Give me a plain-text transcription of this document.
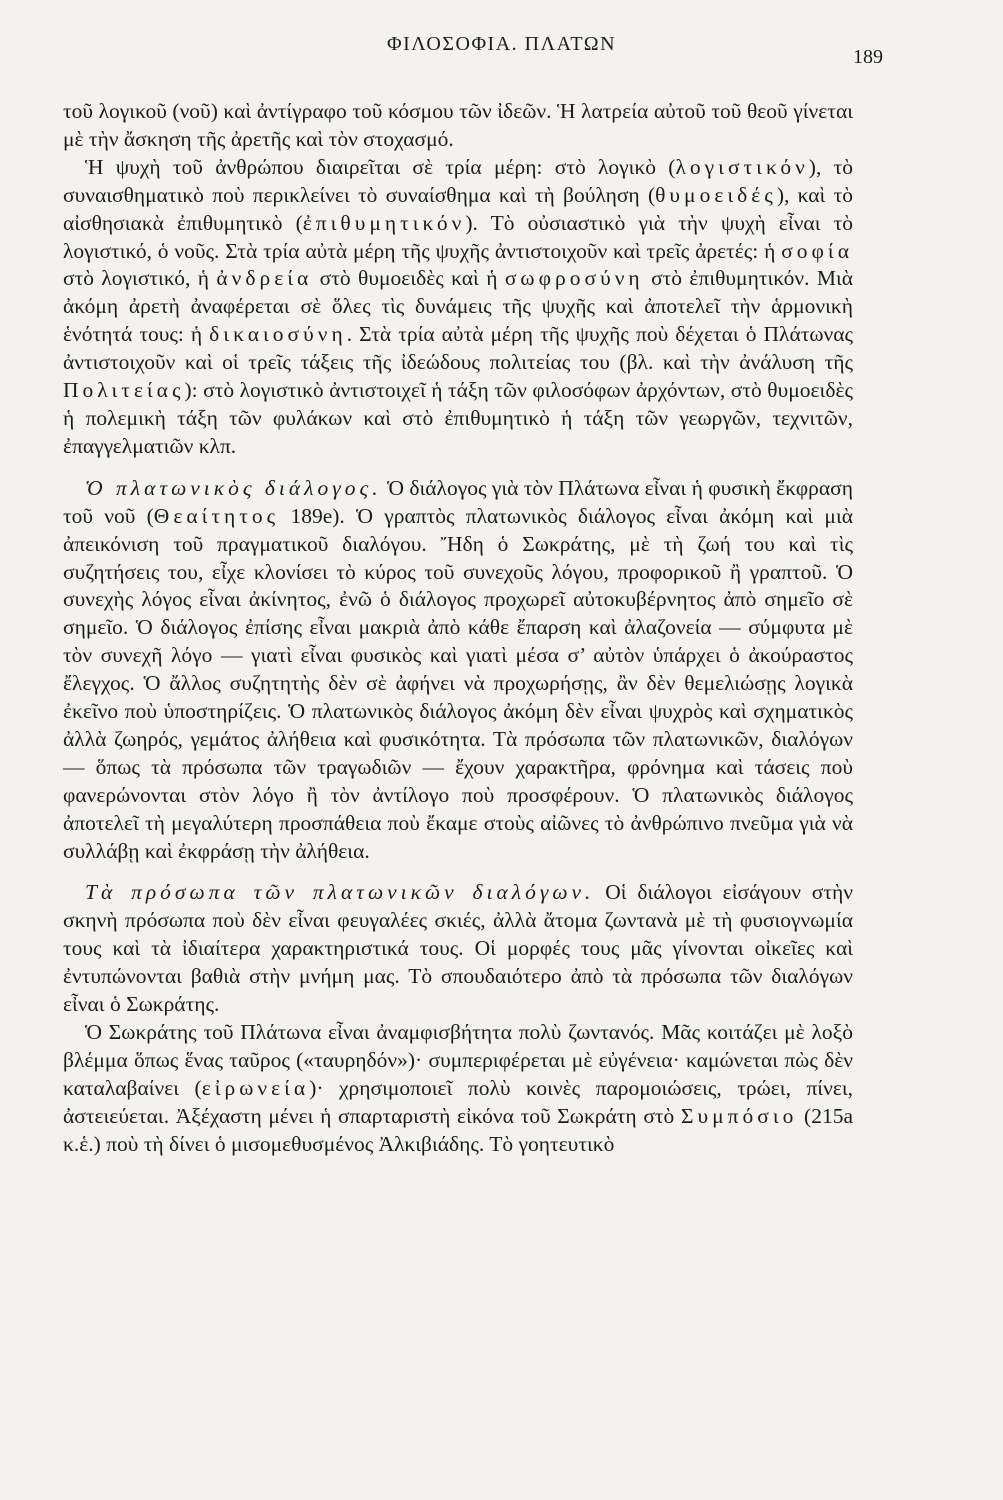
ΦΙΛΟΣΟΦΙΑ. ΠΛΑΤΩΝ
189

τοῦ λογικοῦ (νοῦ) καὶ ἀντίγραφο τοῦ κόσμου τῶν ἰδεῶν. Ἡ λατρεία αὐτοῦ τοῦ θεοῦ γίνεται μὲ τὴν ἄσκηση τῆς ἀρετῆς καὶ τὸν στοχασμό.

Ἡ ψυχὴ τοῦ ἀνθρώπου διαιρεῖται σὲ τρία μέρη: στὸ λογικὸ (λογιστικόν), τὸ συναισθηματικὸ ποὺ περικλείνει τὸ συναίσθημα καὶ τὴ βούληση (θυμοειδές), καὶ τὸ αἰσθησιακὰ ἐπιθυμητικὸ (ἐπιθυμητικόν). Τὸ οὐσιαστικὸ γιὰ τὴν ψυχὴ εἶναι τὸ λογιστικό, ὁ νοῦς. Στὰ τρία αὐτὰ μέρη τῆς ψυχῆς ἀντιστοιχοῦν καὶ τρεῖς ἀρετές: ἡ σοφία στὸ λογιστικό, ἡ ἀνδρεία στὸ θυμοειδὲς καὶ ἡ σωφροσύνη στὸ ἐπιθυμητικόν. Μιὰ ἀκόμη ἀρετὴ ἀναφέρεται σὲ ὅλες τὶς δυνάμεις τῆς ψυχῆς καὶ ἀποτελεῖ τὴν ἁρμονικὴ ἑνότητά τους: ἡ δικαιοσύνη. Στὰ τρία αὐτὰ μέρη τῆς ψυχῆς ποὺ δέχεται ὁ Πλάτωνας ἀντιστοιχοῦν καὶ οἱ τρεῖς τάξεις τῆς ἰδεώδους πολιτείας του (βλ. καὶ τὴν ἀνάλυση τῆς Πολιτείας): στὸ λογιστικὸ ἀντιστοιχεῖ ἡ τάξη τῶν φιλοσόφων ἀρχόντων, στὸ θυμοειδὲς ἡ πολεμικὴ τάξη τῶν φυλάκων καὶ στὸ ἐπιθυμητικὸ ἡ τάξη τῶν γεωργῶν, τεχνιτῶν, ἐπαγγελματιῶν κλπ.

Ὁ πλατωνικὸς διάλογος. Ὁ διάλογος γιὰ τὸν Πλάτωνα εἶναι ἡ φυσικὴ ἔκφραση τοῦ νοῦ (Θεαίτητος 189e). Ὁ γραπτὸς πλατωνικὸς διάλογος εἶναι ἀκόμη καὶ μιὰ ἀπεικόνιση τοῦ πραγματικοῦ διαλόγου. Ἤδη ὁ Σωκράτης, μὲ τὴ ζωή του καὶ τὶς συζητήσεις του, εἶχε κλονίσει τὸ κύρος τοῦ συνεχοῦς λόγου, προφορικοῦ ἢ γραπτοῦ. Ὁ συνεχὴς λόγος εἶναι ἀκίνητος, ἐνῶ ὁ διάλογος προχωρεῖ αὐτοκυβέρνητος ἀπὸ σημεῖο σὲ σημεῖο. Ὁ διάλογος ἐπίσης εἶναι μακριὰ ἀπὸ κάθε ἔπαρση καὶ ἀλαζονεία — σύμφυτα μὲ τὸν συνεχῆ λόγο — γιατὶ εἶναι φυσικὸς καὶ γιατὶ μέσα σ’ αὐτὸν ὑπάρχει ὁ ἀκούραστος ἔλεγχος. Ὁ ἄλλος συζητητὴς δὲν σὲ ἀφήνει νὰ προχωρήσῃς, ἂν δὲν θεμελιώσῃς λογικὰ ἐκεῖνο ποὺ ὑποστηρίζεις. Ὁ πλατωνικὸς διάλογος ἀκόμη δὲν εἶναι ψυχρὸς καὶ σχηματικὸς ἀλλὰ ζωηρός, γεμάτος ἀλήθεια καὶ φυσικότητα. Τὰ πρόσωπα τῶν πλατωνικῶν, διαλόγων — ὅπως τὰ πρόσωπα τῶν τραγωδιῶν — ἔχουν χαρακτῆρα, φρόνημα καὶ τάσεις ποὺ φανερώνονται στὸν λόγο ἢ τὸν ἀντίλογο ποὺ προσφέρουν. Ὁ πλατωνικὸς διάλογος ἀποτελεῖ τὴ μεγαλύτερη προσπάθεια ποὺ ἔκαμε στοὺς αἰῶνες τὸ ἀνθρώπινο πνεῦμα γιὰ νὰ συλλάβῃ καὶ ἐκφράσῃ τὴν ἀλήθεια.

Τὰ πρόσωπα τῶν πλατωνικῶν διαλόγων. Οἱ διάλογοι εἰσάγουν στὴν σκηνὴ πρόσωπα ποὺ δὲν εἶναι φευγαλέες σκιές, ἀλλὰ ἄτομα ζωντανὰ μὲ τὴ φυσιογνωμία τους καὶ τὰ ἰδιαίτερα χαρακτηριστικά τους. Οἱ μορφές τους μᾶς γίνονται οἰκεῖες καὶ ἐντυπώνονται βαθιὰ στὴν μνήμη μας. Τὸ σπουδαιότερο ἀπὸ τὰ πρόσωπα τῶν διαλόγων εἶναι ὁ Σωκράτης.

Ὁ Σωκράτης τοῦ Πλάτωνα εἶναι ἀναμφισβήτητα πολὺ ζωντανός. Μᾶς κοιτάζει μὲ λοξὸ βλέμμα ὅπως ἕνας ταῦρος («ταυρηδόν»)· συμπεριφέρεται μὲ εὐγένεια· καμώνεται πὼς δὲν καταλαβαίνει (εἰρωνεία)· χρησιμοποιεῖ πολὺ κοινὲς παρομοιώσεις, τρώει, πίνει, ἀστειεύεται. Ἀξέχαστη μένει ἡ σπαρταριστὴ εἰκόνα τοῦ Σωκράτη στὸ Συμπόσιο (215a κ.ἑ.) ποὺ τὴ δίνει ὁ μισομεθυσμένος Ἀλκιβιάδης. Τὸ γοητευτικὸ
